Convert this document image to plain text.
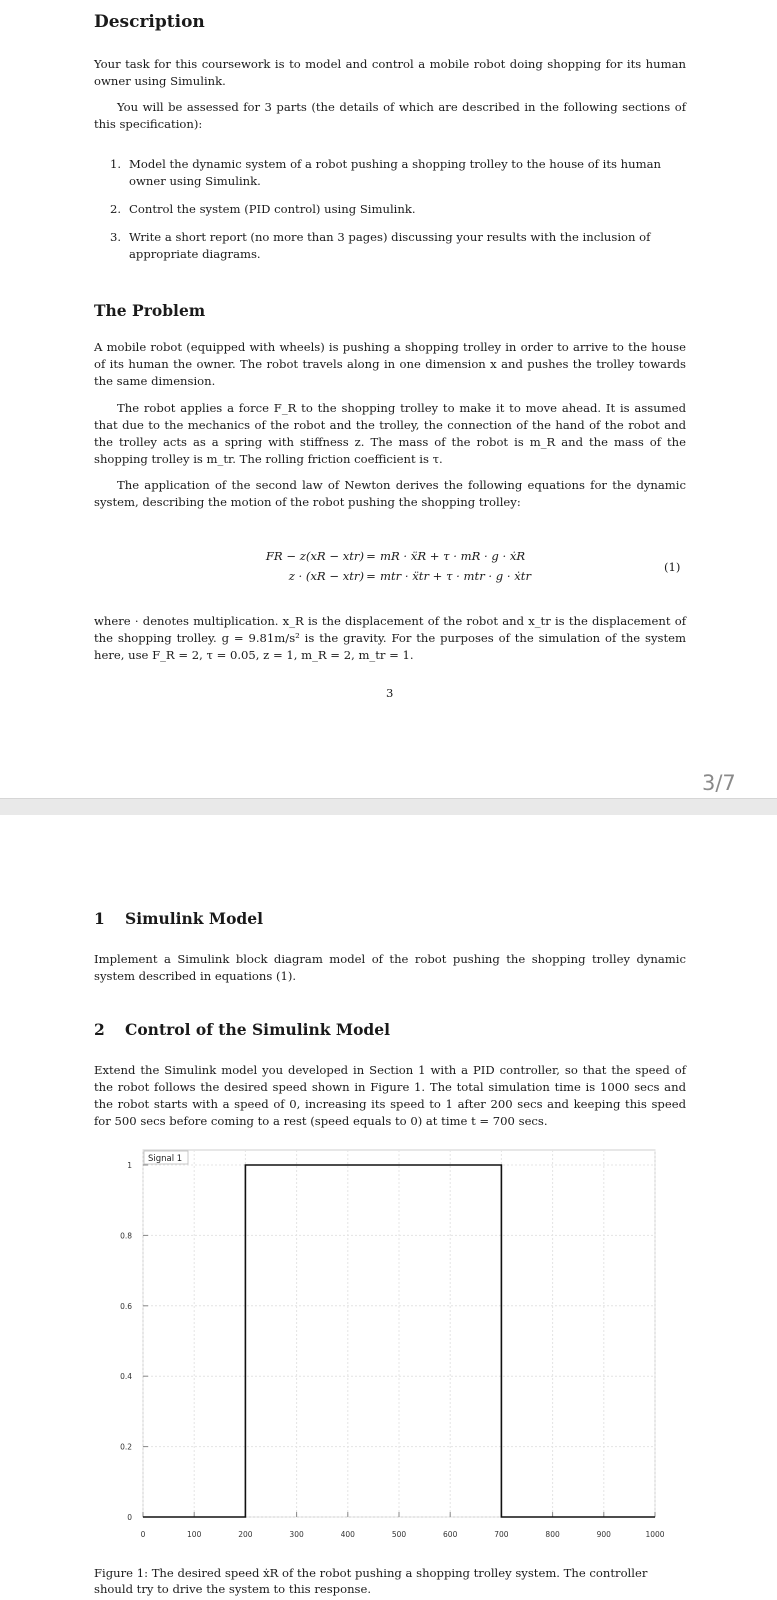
Description

Your task for this coursework is to model and control a mobile robot doing shopping for its human owner using Simulink.

You will be assessed for 3 parts (the details of which are described in the following sections of this specification):

1. Model the dynamic system of a robot pushing a shopping trolley to the house of its human owner using Simulink.
2. Control the system (PID control) using Simulink.
3. Write a short report (no more than 3 pages) discussing your results with the inclusion of appropriate diagrams.
The Problem

A mobile robot (equipped with wheels) is pushing a shopping trolley in order to arrive to the house of its human the owner. The robot travels along in one dimension x and pushes the trolley towards the same dimension.

The robot applies a force F_R to the shopping trolley to make it to move ahead. It is assumed that due to the mechanics of the robot and the trolley, the connection of the hand of the robot and the trolley acts as a spring with stiffness z. The mass of the robot is m_R and the mass of the shopping trolley is m_tr. The rolling friction coefficient is τ.

The application of the second law of Newton derives the following equations for the dynamic system, describing the motion of the robot pushing the shopping trolley:

FR − z(xR − xtr) = mR · ẍR + τ · mR · g · ẋR
z · (xR − xtr) = mtr · ẍtr + τ · mtr · g · ẋtr
(1)

where · denotes multiplication. x_R is the displacement of the robot and x_tr is the displacement of the shopping trolley. g = 9.81m/s² is the gravity. For the purposes of the simulation of the system here, use F_R = 2, τ = 0.05, z = 1, m_R = 2, m_tr = 1.

3
3/7
1 Simulink Model

Implement a Simulink block diagram model of the robot pushing the shopping trolley dynamic system described in equations (1).

2 Control of the Simulink Model

Extend the Simulink model you developed in Section 1 with a PID controller, so that the speed of the robot follows the desired speed shown in Figure 1. The total simulation time is 1000 secs and the robot starts with a speed of 0, increasing its speed to 1 after 200 secs and keeping this speed for 500 secs before coming to a rest (speed equals to 0) at time t = 700 secs.

0
0.2
0.4
0.6
0.8
1
0	100	200	300	400	500	600	700	800	900	1000
Signal 1

Figure 1: The desired speed ẋR of the robot pushing a shopping trolley system. The controller should try to drive the system to this response.
